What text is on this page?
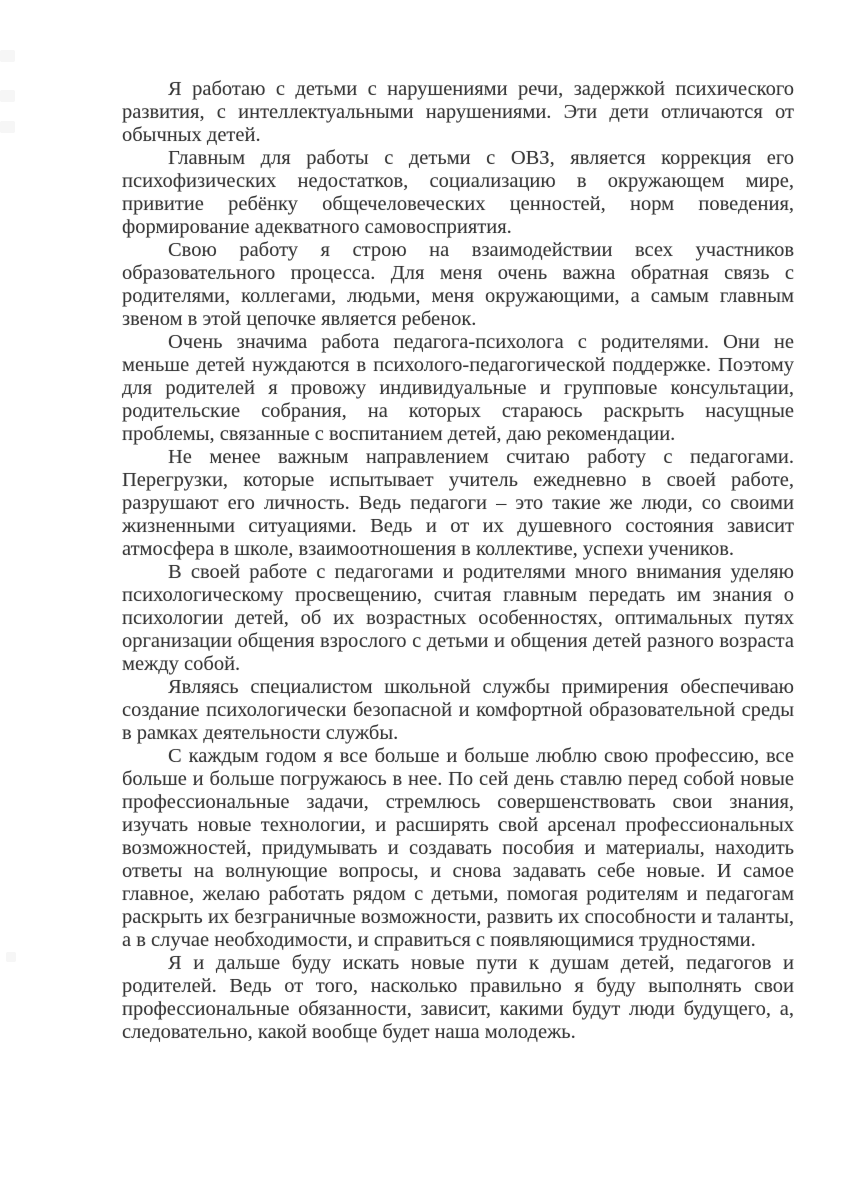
Я работаю с детьми с нарушениями речи, задержкой психического развития, с интеллектуальными нарушениями. Эти дети отличаются от обычных детей.

Главным для работы с детьми с ОВЗ, является коррекция его психофизических недостатков, социализацию в окружающем мире, привитие ребёнку общечеловеческих ценностей, норм поведения, формирование адекватного самовосприятия.

Свою работу я строю на взаимодействии всех участников образовательного процесса. Для меня очень важна обратная связь с родителями, коллегами, людьми, меня окружающими, а самым главным звеном в этой цепочке является ребенок.

Очень значима работа педагога-психолога с родителями. Они не меньше детей нуждаются в психолого-педагогической поддержке. Поэтому для родителей я провожу индивидуальные и групповые консультации, родительские собрания, на которых стараюсь раскрыть насущные проблемы, связанные с воспитанием детей, даю рекомендации.

Не менее важным направлением считаю работу с педагогами. Перегрузки, которые испытывает учитель ежедневно в своей работе, разрушают его личность. Ведь педагоги – это такие же люди, со своими жизненными ситуациями. Ведь и от их душевного состояния зависит атмосфера в школе, взаимоотношения в коллективе, успехи учеников.

В своей работе с педагогами и родителями много внимания уделяю психологическому просвещению, считая главным передать им знания о психологии детей, об их возрастных особенностях, оптимальных путях организации общения взрослого с детьми и общения детей разного возраста между собой.

Являясь специалистом школьной службы примирения обеспечиваю создание психологически безопасной и комфортной образовательной среды в рамках деятельности службы.

С каждым годом я все больше и больше люблю свою профессию, все больше и больше погружаюсь в нее. По сей день ставлю перед собой новые профессиональные задачи, стремлюсь совершенствовать свои знания, изучать новые технологии, и расширять свой арсенал профессиональных возможностей, придумывать и создавать пособия и материалы, находить ответы на волнующие вопросы, и снова задавать себе новые. И самое главное, желаю работать рядом с детьми, помогая родителям и педагогам раскрыть их безграничные возможности, развить их способности и таланты, а в случае необходимости, и справиться с появляющимися трудностями.

Я и дальше буду искать новые пути к душам детей, педагогов и родителей. Ведь от того, насколько правильно я буду выполнять свои профессиональные обязанности, зависит, какими будут люди будущего, а, следовательно, какой вообще будет наша молодежь.
